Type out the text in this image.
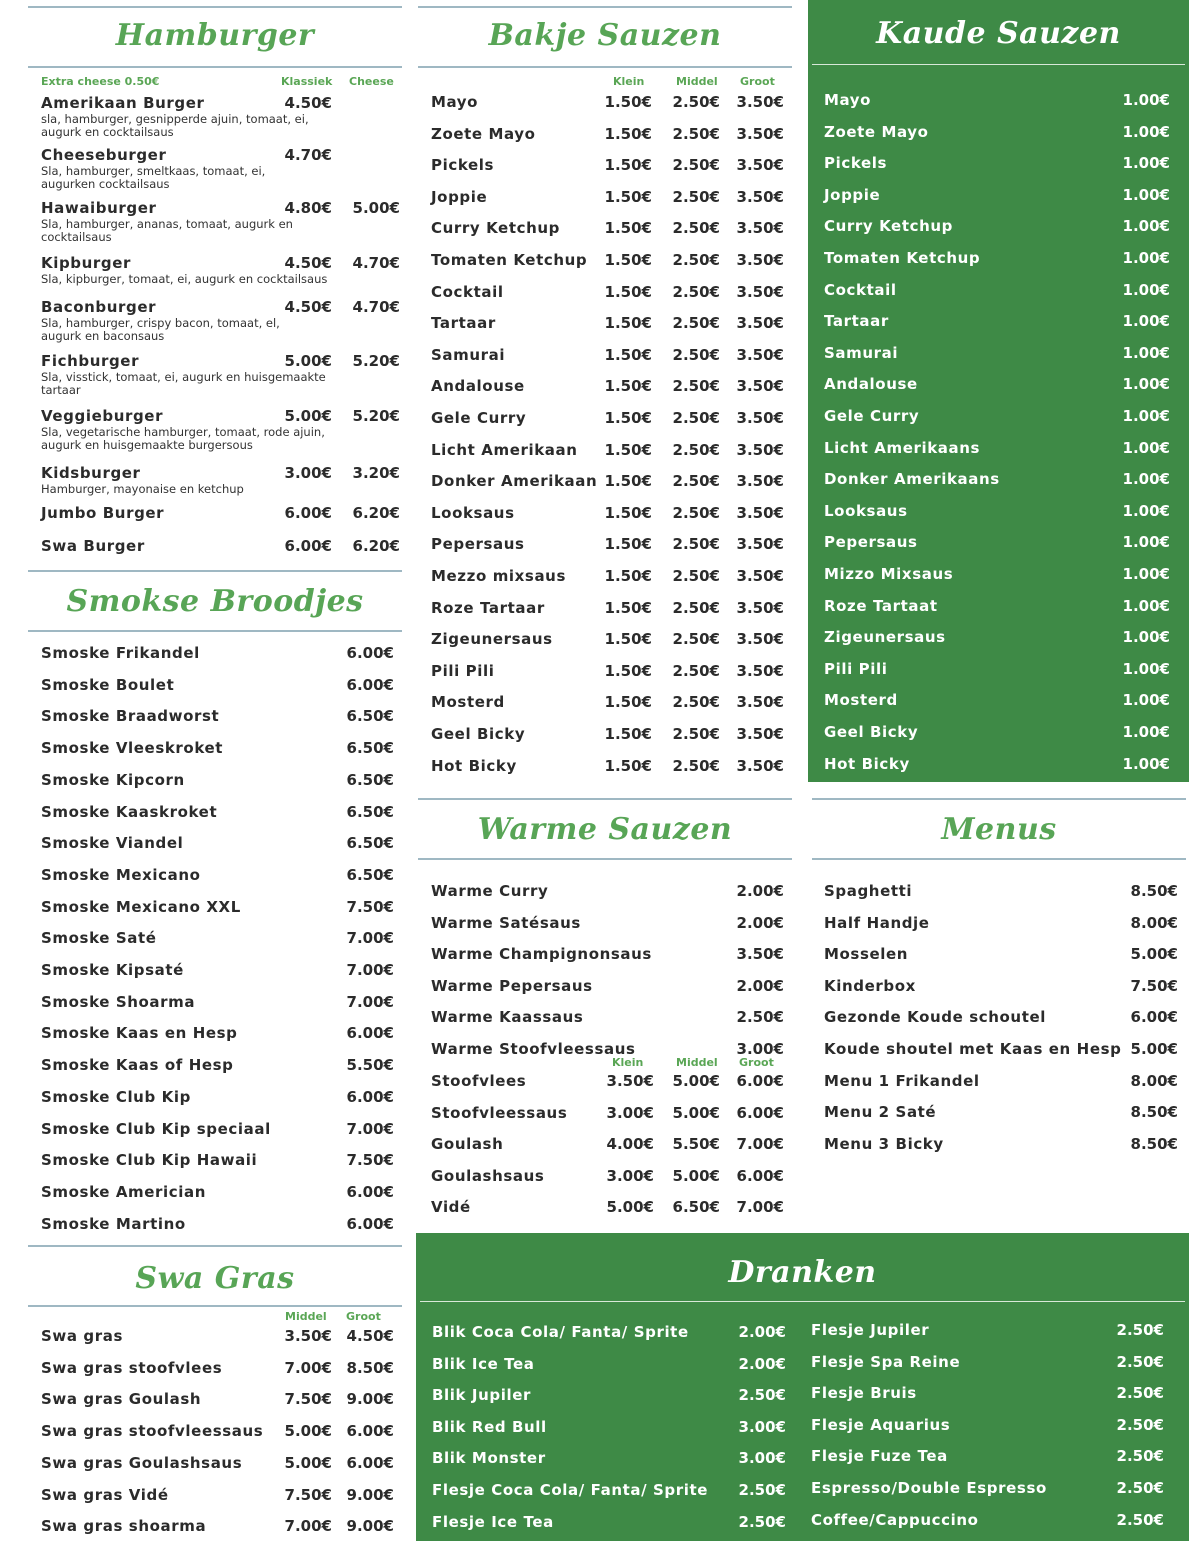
Hamburger
Extra cheese 0.50€	Klassiek Cheese
Amerikaan Burger
sla, hamburger, gesnipperde ajuin, tomaat, ei,
augurk en cocktailsaus
4.50€
Cheeseburger
Sla, hamburger, smeltkaas, tomaat, ei,
augurken cocktailsaus
4.70€
Hawaiburger
Sla, hamburger, ananas, tomaat, augurk en
cocktailsaus
4.80€	5.00€
Kipburger
Sla, kipburger, tomaat, ei, augurk en cocktailsaus
4.50€	4.70€
Baconburger
Sla, hamburger, crispy bacon, tomaat, el,
augurk en baconsaus
4.50€	4.70€
Fichburger
Sla, visstick, tomaat, ei, augurk en huisgemaakte
tartaar
5.00€	5.20€
Veggieburger
Sla, vegetarische hamburger, tomaat, rode ajuin,
augurk en huisgemaakte burgersous
5.00€	5.20€
Kidsburger
Hamburger, mayonaise en ketchup
3.00€	3.20€
Jumbo Burger	6.00€	6.20€
Swa Burger	6.00€	6.20€
Smokse Broodjes
Smoske Frikandel	6.00€
Smoske Boulet	6.00€
Smoske Braadworst	6.50€
Smoske Vleeskroket	6.50€
Smoske Kipcorn	6.50€
Smoske Kaaskroket	6.50€
Smoske Viandel	6.50€
Smoske Mexicano	6.50€
Smoske Mexicano XXL	7.50€
Smoske Saté	7.00€
Smoske Kipsaté	7.00€
Smoske Shoarma	7.00€
Smoske Kaas en Hesp	6.00€
Smoske Kaas of Hesp	5.50€
Smoske Club Kip	6.00€
Smoske Club Kip speciaal	7.00€
Smoske Club Kip Hawaii	7.50€
Smoske Americian	6.00€
Smoske Martino	6.00€
Swa Gras
Middel Groot
Swa gras	3.50€ 4.50€
Swa gras stoofvlees	7.00€ 8.50€
Swa gras Goulash	7.50€ 9.00€
Swa gras stoofvleessaus	5.00€ 6.00€
Swa gras Goulashsaus	5.00€ 6.00€
Swa gras Vidé	7.50€ 9.00€
Swa gras shoarma	7.00€ 9.00€
Bakje Sauzen
Klein	Middel Groot
Mayo	1.50€	2.50€	3.50€
Zoete Mayo	1.50€	2.50€	3.50€
Pickels	1.50€	2.50€	3.50€
Joppie	1.50€	2.50€	3.50€
Curry Ketchup	1.50€	2.50€	3.50€
Tomaten Ketchup	1.50€	2.50€	3.50€
Cocktail	1.50€	2.50€	3.50€
Tartaar	1.50€	2.50€	3.50€
Samurai	1.50€	2.50€	3.50€
Andalouse	1.50€	2.50€	3.50€
Gele Curry	1.50€	2.50€	3.50€
Licht Amerikaan	1.50€	2.50€	3.50€
Donker Amerikaan 1.50€	2.50€	3.50€
Looksaus	1.50€	2.50€	3.50€
Pepersaus	1.50€	2.50€	3.50€
Mezzo mixsaus	1.50€	2.50€	3.50€
Roze Tartaar	1.50€	2.50€	3.50€
Zigeunersaus	1.50€	2.50€	3.50€
Pili Pili	1.50€	2.50€	3.50€
Mosterd	1.50€	2.50€	3.50€
Geel Bicky	1.50€	2.50€	3.50€
Hot Bicky	1.50€	2.50€	3.50€
Warme Sauzen
Klein	Middel Groot
Warme Curry	2.00€
Warme Satésaus	2.00€
Warme Champignonsaus	3.50€
Warme Pepersaus	2.00€
Warme Kaassaus	2.50€
Warme Stoofvleessaus	3.00€
Stoofvlees	3.50€	5.00€	6.00€
Stoofvleessaus	3.00€	5.00€	6.00€
Goulash	4.00€	5.50€	7.00€
Goulashsaus	3.00€	5.00€	6.00€
Vidé	5.00€	6.50€	7.00€
Kaude Sauzen
Mayo	1.00€
Zoete Mayo	1.00€
Pickels	1.00€
Joppie	1.00€
Curry Ketchup	1.00€
Tomaten Ketchup	1.00€
Cocktail	1.00€
Tartaar	1.00€
Samurai	1.00€
Andalouse	1.00€
Gele Curry	1.00€
Licht Amerikaans	1.00€
Donker Amerikaans	1.00€
Looksaus	1.00€
Pepersaus	1.00€
Mizzo Mixsaus	1.00€
Roze Tartaat	1.00€
Zigeunersaus	1.00€
Pili Pili	1.00€
Mosterd	1.00€
Geel Bicky	1.00€
Hot Bicky	1.00€
Menus
Spaghetti	8.50€
Half Handje	8.00€
Mosselen	5.00€
Kinderbox	7.50€
Gezonde Koude schoutel	6.00€
Koude shoutel met Kaas en Hesp 5.00€
Menu 1 Frikandel	8.00€
Menu 2 Saté	8.50€
Menu 3 Bicky	8.50€
Dranken
Blik Coca Cola/ Fanta/ Sprite	2.00€
Blik Ice Tea	2.00€
Blik Jupiler	2.50€
Blik Red Bull	3.00€
Blik Monster	3.00€
Flesje Coca Cola/ Fanta/ Sprite	2.50€
Flesje Ice Tea	2.50€
Flesje Jupiler	2.50€
Flesje Spa Reine	2.50€
Flesje Bruis	2.50€
Flesje Aquarius	2.50€
Flesje Fuze Tea	2.50€
Espresso/Double Espresso	2.50€
Coffee/Cappuccino	2.50€
